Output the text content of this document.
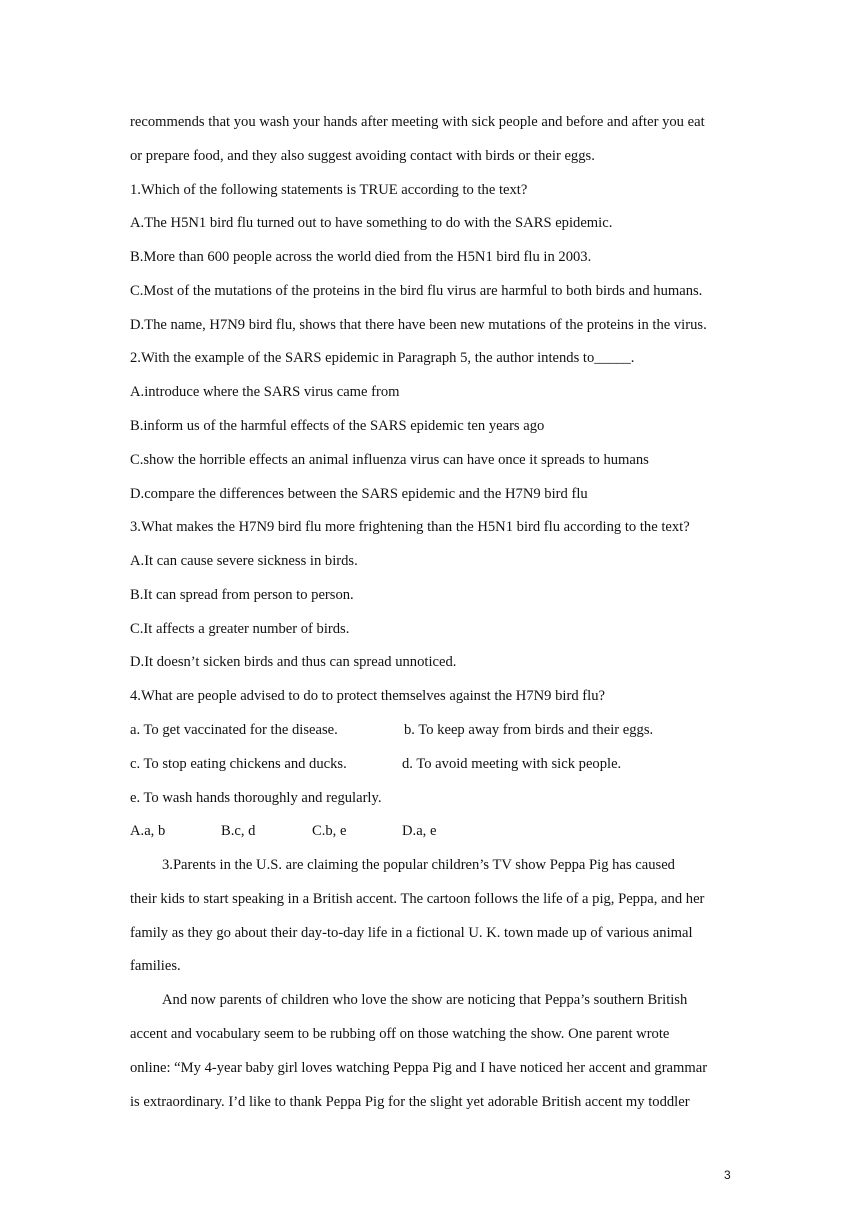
recommends that you wash your hands after meeting with sick people and before and after you eat
or prepare food, and they also suggest avoiding contact with birds or their eggs.
1.Which of the following statements is TRUE according to the text?
A.The H5N1 bird flu turned out to have something to do with the SARS epidemic.
B.More than 600 people across the world died from the H5N1 bird flu in 2003.
C.Most of the mutations of the proteins in the bird flu virus are harmful to both birds and humans.
D.The name, H7N9 bird flu, shows that there have been new mutations of the proteins in the virus.
2.With the example of the SARS epidemic in Paragraph 5, the author intends to_____.
A.introduce where the SARS virus came from
B.inform us of the harmful effects of the SARS epidemic ten years ago
C.show the horrible effects an animal influenza virus can have once it spreads to humans
D.compare the differences between the SARS epidemic and the H7N9 bird flu
3.What makes the H7N9 bird flu more frightening than the H5N1 bird flu according to the text?
A.It can cause severe sickness in birds.
B.It can spread from person to person.
C.It affects a greater number of birds.
D.It doesn’t sicken birds and thus can spread unnoticed.
4.What are people advised to do to protect themselves against the H7N9 bird flu?
a. To get vaccinated for the disease.	b. To keep away from birds and their eggs.
c. To stop eating chickens and ducks.	d. To avoid meeting with sick people.
e. To wash hands thoroughly and regularly.
A.a, b	B.c, d	C.b, e	D.a, e
3.Parents in the U.S. are claiming the popular children’s TV show Peppa Pig has caused
their kids to start speaking in a British accent. The cartoon follows the life of a pig, Peppa, and her
family as they go about their day-to-day life in a fictional U. K. town made up of various animal
families.
And now parents of children who love the show are noticing that Peppa’s southern British
accent and vocabulary seem to be rubbing off on those watching the show. One parent wrote
online: “My 4-year baby girl loves watching Peppa Pig and I have noticed her accent and grammar
is extraordinary. I’d like to thank Peppa Pig for the slight yet adorable British accent my toddler
3
